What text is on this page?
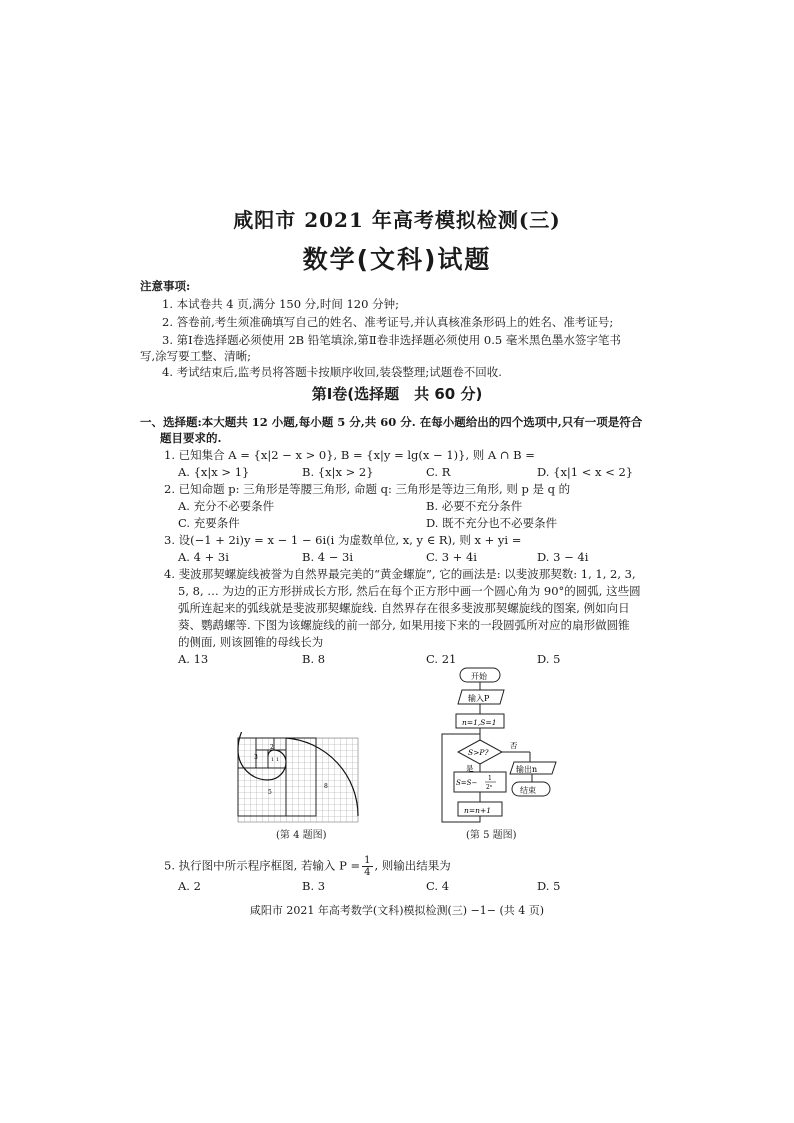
咸阳市 2021 年高考模拟检测(三)
数学(文科)试题
注意事项:
1. 本试卷共 4 页,满分 150 分,时间 120 分钟;
2. 答卷前,考生须准确填写自己的姓名、准考证号,并认真核准条形码上的姓名、准考证号;
3. 第Ⅰ卷选择题必须使用 2B 铅笔填涂,第Ⅱ卷非选择题必须使用 0.5 毫米黑色墨水签字笔书
写,涂写要工整、清晰;
4. 考试结束后,监考员将答题卡按顺序收回,装袋整理;试题卷不回收.
第Ⅰ卷(选择题　共 60 分)
一、选择题:本大题共 12 小题,每小题 5 分,共 60 分. 在每小题给出的四个选项中,只有一项是符合
题目要求的.
1. 已知集合 A = {x|2 − x > 0}, B = {x|y = lg(x − 1)}, 则 A ∩ B =
A. {x|x > 1}	B. {x|x > 2}	C. R	D. {x|1 < x < 2}
2. 已知命题 p: 三角形是等腰三角形, 命题 q: 三角形是等边三角形, 则 p 是 q 的
A. 充分不必要条件	B. 必要不充分条件
C. 充要条件	D. 既不充分也不必要条件
3. 设(−1 + 2i)y = x − 1 − 6i(i 为虚数单位, x, y ∈ R), 则 x + yi =
A. 4 + 3i	B. 4 − 3i	C. 3 + 4i	D. 3 − 4i
4. 斐波那契螺旋线被誉为自然界最完美的“黄金螺旋”, 它的画法是: 以斐波那契数: 1, 1, 2, 3,
5, 8, … 为边的正方形拼成长方形, 然后在每个正方形中画一个圆心角为 90°的圆弧, 这些圆
弧所连起来的弧线就是斐波那契螺旋线. 自然界存在很多斐波那契螺旋线的图案, 例如向日
葵、鹦鹉螺等. 下图为该螺旋线的前一部分, 如果用接下来的一段圆弧所对应的扇形做圆锥
的侧面, 则该圆锥的母线长为
A. 13	B. 8	C. 21	D. 5
3
2
1 1
5
8
(第 4 题图)
开始
输入P
n=1,S=1
S>P?
否
是
S=S−
1
2ⁿ
输出n
结束
n=n+1
(第 5 题图)
5. 执行图中所示程序框图, 若输入 $P = \frac{1}{4}$ , 则输出结果为
A. 2	B. 3	C. 4	D. 5
咸阳市 2021 年高考数学(文科)模拟检测(三) −1− (共 4 页)
